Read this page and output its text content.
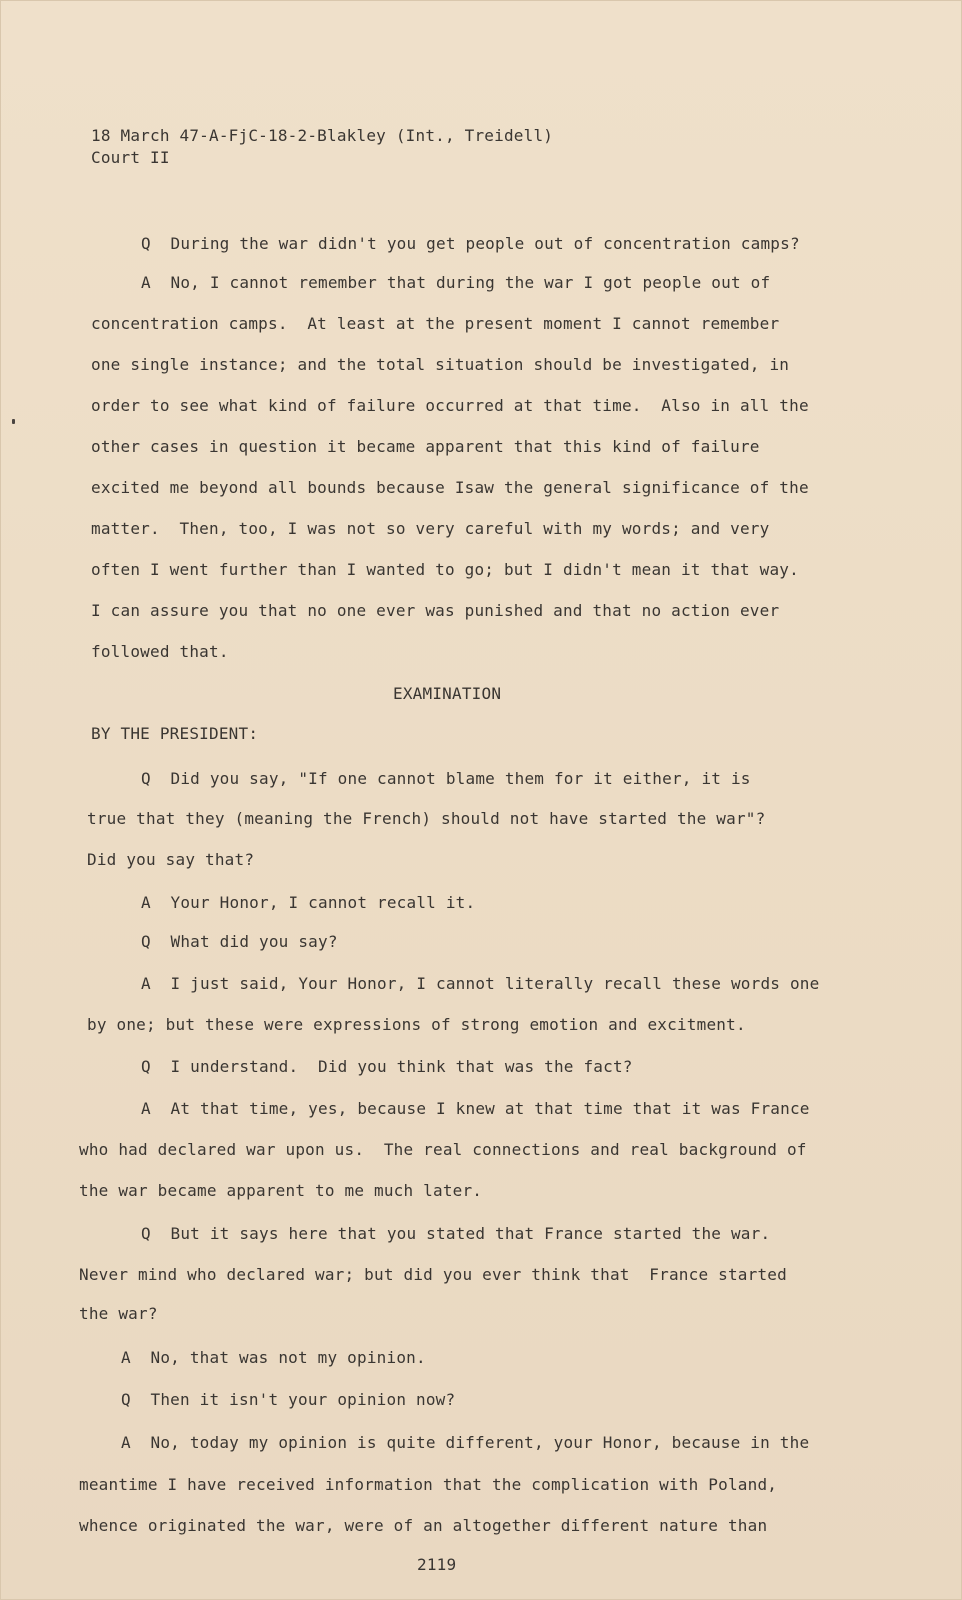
18 March 47-A-FjC-18-2-Blakley (Int., Treidell)
Court II
Q  During the war didn't you get people out of concentration camps?
A  No, I cannot remember that during the war I got people out of
concentration camps.  At least at the present moment I cannot remember
one single instance; and the total situation should be investigated, in
order to see what kind of failure occurred at that time.  Also in all the
other cases in question it became apparent that this kind of failure
excited me beyond all bounds because Isaw the general significance of the
matter.  Then, too, I was not so very careful with my words; and very
often I went further than I wanted to go; but I didn't mean it that way.
I can assure you that no one ever was punished and that no action ever
followed that.
EXAMINATION
BY THE PRESIDENT:
Q  Did you say, "If one cannot blame them for it either, it is
true that they (meaning the French) should not have started the war"?
Did you say that?
A  Your Honor, I cannot recall it.
Q  What did you say?
A  I just said, Your Honor, I cannot literally recall these words one
by one; but these were expressions of strong emotion and excitment.
Q  I understand.  Did you think that was the fact?
A  At that time, yes, because I knew at that time that it was France
who had declared war upon us.  The real connections and real background of
the war became apparent to me much later.
Q  But it says here that you stated that France started the war.
Never mind who declared war; but did you ever think that  France started
the war?
A  No, that was not my opinion.
Q  Then it isn't your opinion now?
A  No, today my opinion is quite different, your Honor, because in the
meantime I have received information that the complication with Poland,
whence originated the war, were of an altogether different nature than
2119
